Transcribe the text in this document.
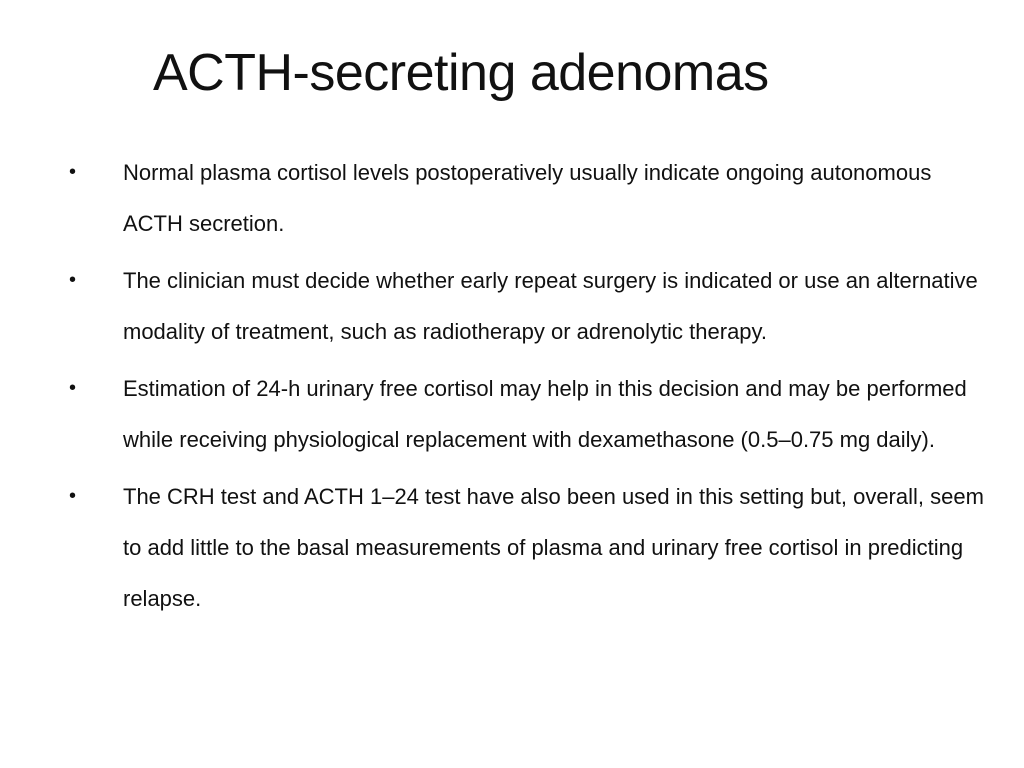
ACTH-secreting adenomas
• Normal plasma cortisol levels postoperatively usually indicate ongoing autonomous ACTH secretion.
• The clinician must decide whether early repeat surgery is indicated or use an alternative modality of treatment, such as radiotherapy or adrenolytic therapy.
• Estimation of 24-h urinary free cortisol may help in this decision and may be performed while receiving physiological replacement with dexamethasone (0.5–0.75 mg daily).
• The CRH test and ACTH 1–24 test have also been used in this setting but, overall, seem to add little to the basal measurements of plasma and urinary free cortisol in predicting relapse.
